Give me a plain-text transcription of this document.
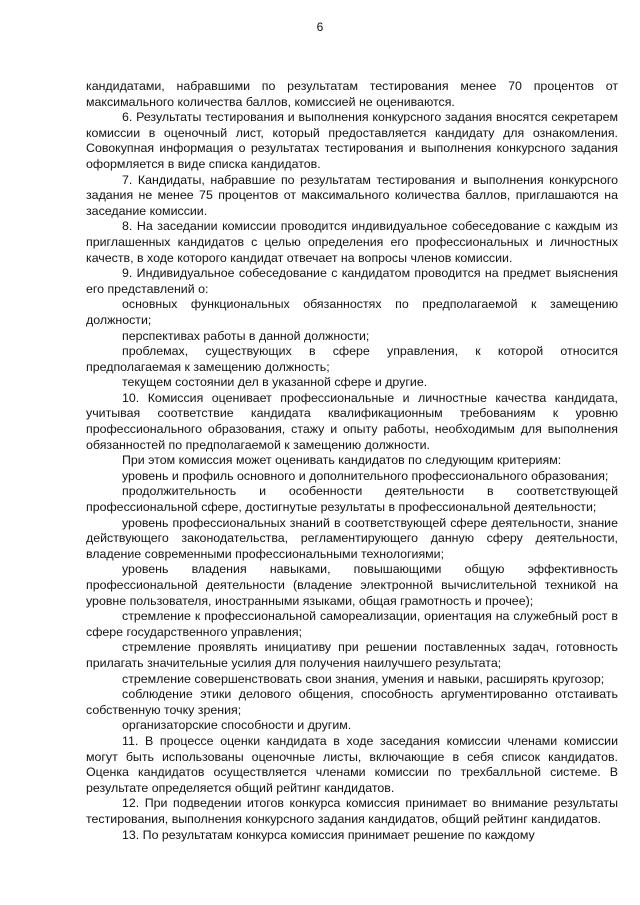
6

кандидатами, набравшими по результатам тестирования менее 70 процентов от максимального количества баллов, комиссией не оцениваются.

6. Результаты тестирования и выполнения конкурсного задания вносятся секретарем комиссии в оценочный лист, который предоставляется кандидату для ознакомления. Совокупная информация о результатах тестирования и выполнения конкурсного задания оформляется в виде списка кандидатов.

7. Кандидаты, набравшие по результатам тестирования и выполнения конкурсного задания не менее 75 процентов от максимального количества баллов, приглашаются на заседание комиссии.

8. На заседании комиссии проводится индивидуальное собеседование с каждым из приглашенных кандидатов с целью определения его профессиональных и личностных качеств, в ходе которого кандидат отвечает на вопросы членов комиссии.

9. Индивидуальное собеседование с кандидатом проводится на предмет выяснения его представлений о:

основных функциональных обязанностях по предполагаемой к замещению должности;

перспективах работы в данной должности;

проблемах, существующих в сфере управления, к которой относится предполагаемая к замещению должность;

текущем состоянии дел в указанной сфере и другие.

10. Комиссия оценивает профессиональные и личностные качества кандидата, учитывая соответствие кандидата квалификационным требованиям к уровню профессионального образования, стажу и опыту работы, необходимым для выполнения обязанностей по предполагаемой к замещению должности.

При этом комиссия может оценивать кандидатов по следующим критериям:

уровень и профиль основного и дополнительного профессионального образования;

продолжительность и особенности деятельности в соответствующей профессиональной сфере, достигнутые результаты в профессиональной деятельности;

уровень профессиональных знаний в соответствующей сфере деятельности, знание действующего законодательства, регламентирующего данную сферу деятельности, владение современными профессиональными технологиями;

уровень владения навыками, повышающими общую эффективность профессиональной деятельности (владение электронной вычислительной техникой на уровне пользователя, иностранными языками, общая грамотность и прочее);

стремление к профессиональной самореализации, ориентация на служебный рост в сфере государственного управления;

стремление проявлять инициативу при решении поставленных задач, готовность прилагать значительные усилия для получения наилучшего результата;

стремление совершенствовать свои знания, умения и навыки, расширять кругозор;

соблюдение этики делового общения, способность аргументированно отстаивать собственную точку зрения;

организаторские способности и другим.

11. В процессе оценки кандидата в ходе заседания комиссии членами комиссии могут быть использованы оценочные листы, включающие в себя список кандидатов. Оценка кандидатов осуществляется членами комиссии по трехбалльной системе. В результате определяется общий рейтинг кандидатов.

12. При подведении итогов конкурса комиссия принимает во внимание результаты тестирования, выполнения конкурсного задания кандидатов, общий рейтинг кандидатов.

13. По результатам конкурса комиссия принимает решение по каждому
